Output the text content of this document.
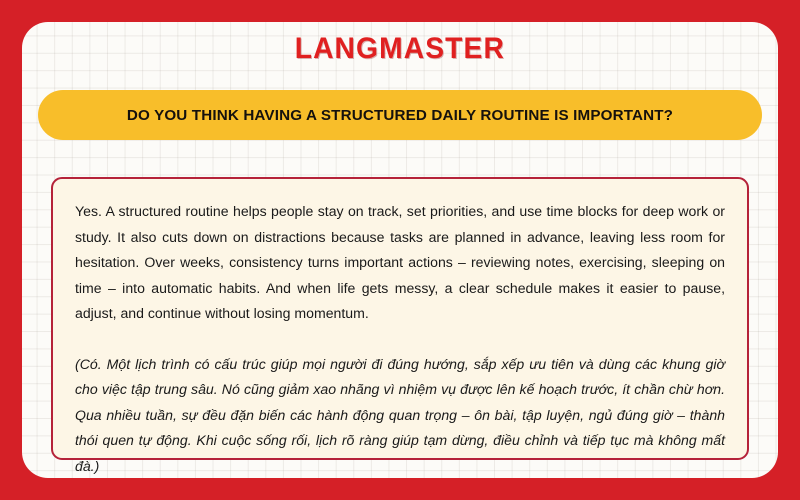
LANGMASTER
DO YOU THINK HAVING A STRUCTURED DAILY ROUTINE IS IMPORTANT?

Yes. A structured routine helps people stay on track, set priorities, and use time blocks for deep work or study. It also cuts down on distractions because tasks are planned in advance, leaving less room for hesitation. Over weeks, consistency turns important actions – reviewing notes, exercising, sleeping on time – into automatic habits. And when life gets messy, a clear schedule makes it easier to pause, adjust, and continue without losing momentum.

(Có. Một lịch trình có cấu trúc giúp mọi người đi đúng hướng, sắp xếp ưu tiên và dùng các khung giờ cho việc tập trung sâu. Nó cũng giảm xao nhãng vì nhiệm vụ được lên kế hoạch trước, ít chần chừ hơn. Qua nhiều tuần, sự đều đặn biến các hành động quan trọng – ôn bài, tập luyện, ngủ đúng giờ – thành thói quen tự động. Khi cuộc sống rối, lịch rõ ràng giúp tạm dừng, điều chỉnh và tiếp tục mà không mất đà.)
